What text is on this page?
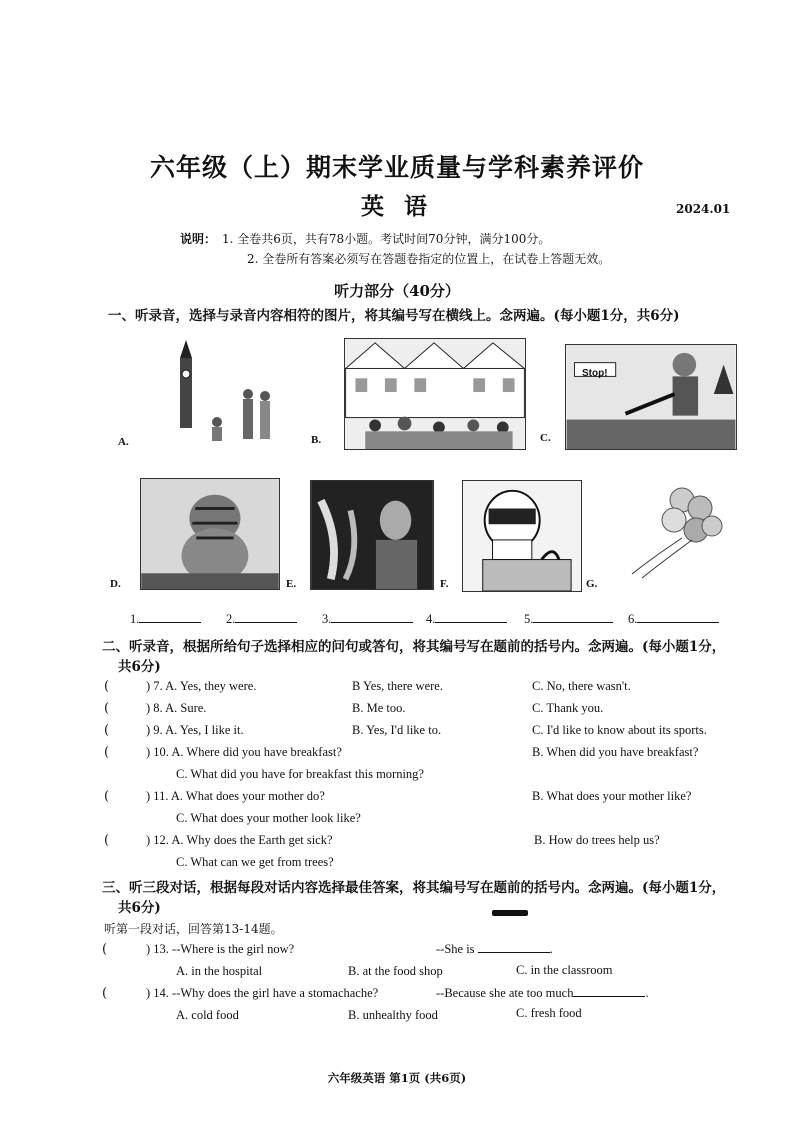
六年级（上）期末学业质量与学科素养评价
英 语	2024.01
说明： 1. 全卷共6页，共有78小题。考试时间70分钟，满分100分。
2. 全卷所有答案必须写在答题卷指定的位置上，在试卷上答题无效。
听力部分（40分）
一、听录音，选择与录音内容相符的图片，将其编号写在横线上。念两遍。(每小题1分，共6分)
A.	B.	C.
Stop!
D.	E.	F.	G.
1.	2.	3.	4.	5.	6.
二、听录音，根据所给句子选择相应的问句或答句，将其编号写在题前的括号内。念两遍。(每小题1分，
共6分)
(	) 7. A. Yes, they were.	B Yes, there were.	C. No, there wasn't.
(	) 8. A. Sure.	B. Me too.	C. Thank you.
(	) 9. A. Yes, I like it.	B. Yes, I'd like to.	C. I'd like to know about its sports.
(	) 10. A. Where did you have breakfast?	B. When did you have breakfast?
C. What did you have for breakfast this morning?
(	) 11. A. What does your mother do?	B. What does your mother like?
C. What does your mother look like?
(	) 12. A. Why does the Earth get sick?	B. How do trees help us?
C. What can we get from trees?
三、听三段对话，根据每段对话内容选择最佳答案，将其编号写在题前的括号内。念两遍。(每小题1分，
共6分)
听第一段对话，回答第13-14题。
(	) 13. --Where is the girl now?	--She is	.
A. in the hospital	B. at the food shop	C. in the classroom
(	) 14. --Why does the girl have a stomachache?	--Because she ate too much	.
A. cold food	B. unhealthy food	C. fresh food
六年级英语 第1页 (共6页)
